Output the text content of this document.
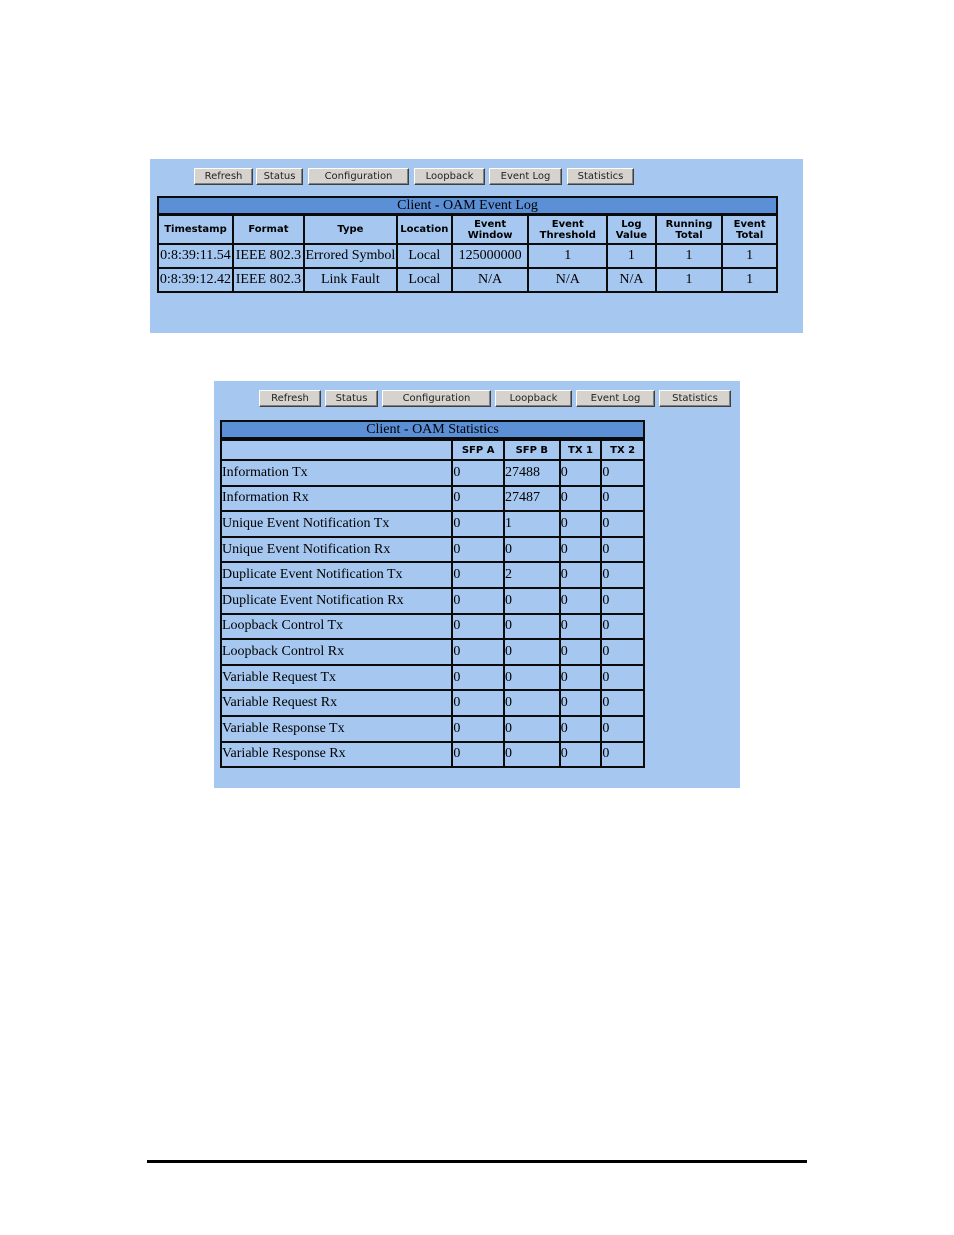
Refresh	Status	Configuration	Loopback	Event Log	Statistics
Client - OAM Event Log
Timestamp	Format	Type	Location	Event Window	Event Threshold	Log Value	Running Total	Event Total
0:8:39:11.54	IEEE 802.3	Errored Symbol	Local	125000000	1	1	1	1
0:8:39:12.42	IEEE 802.3	Link Fault	Local	N/A	N/A	N/A	1	1
Refresh	Status	Configuration	Loopback	Event Log	Statistics
Client - OAM Statistics
	SFP A	SFP B	TX 1	TX 2
Information Tx	0	27488	0	0
Information Rx	0	27487	0	0
Unique Event Notification Tx	0	1	0	0
Unique Event Notification Rx	0	0	0	0
Duplicate Event Notification Tx	0	2	0	0
Duplicate Event Notification Rx	0	0	0	0
Loopback Control Tx	0	0	0	0
Loopback Control Rx	0	0	0	0
Variable Request Tx	0	0	0	0
Variable Request Rx	0	0	0	0
Variable Response Tx	0	0	0	0
Variable Response Rx	0	0	0	0
